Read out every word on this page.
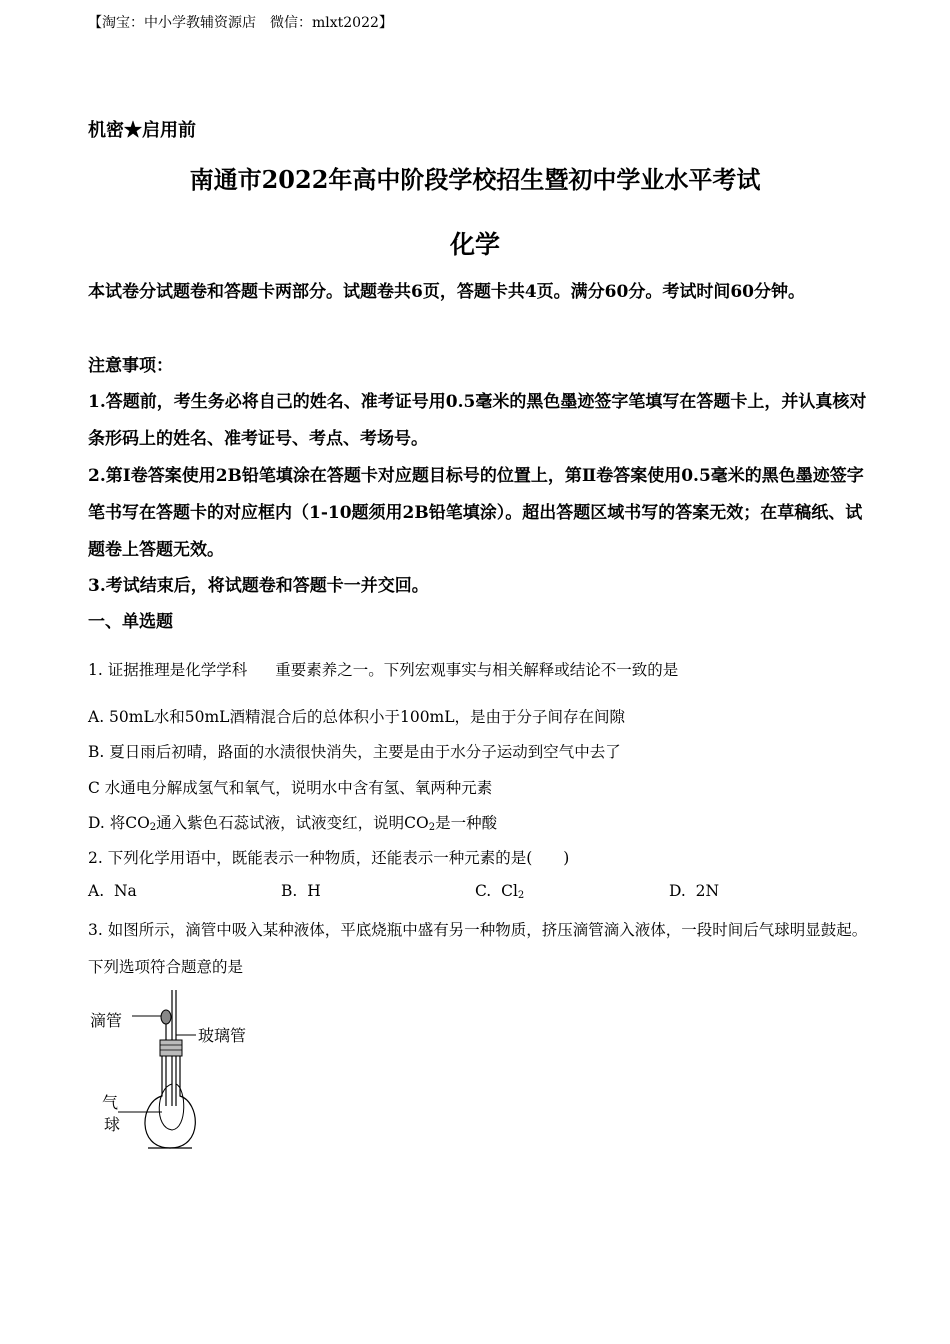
【淘宝：中小学教辅资源店　微信：mlxt2022】
机密★启用前
南通市2022年高中阶段学校招生暨初中学业水平考试
化学
本试卷分试题卷和答题卡两部分。试题卷共6页，答题卡共4页。满分60分。考试时间60分钟。
注意事项：
1.答题前，考生务必将自己的姓名、准考证号用0.5毫米的黑色墨迹签字笔填写在答题卡上，并认真核对条形码上的姓名、准考证号、考点、考场号。
2.第Ⅰ卷答案使用2B铅笔填涂在答题卡对应题目标号的位置上，第Ⅱ卷答案使用0.5毫米的黑色墨迹签字笔书写在答题卡的对应框内（1-10题须用2B铅笔填涂）。超出答题区域书写的答案无效；在草稿纸、试题卷上答题无效。
3.考试结束后，将试题卷和答题卡一并交回。
一、单选题
1. 证据推理是化学学科 重要素养之一。下列宏观事实与相关解释或结论不一致的是
A. 50mL水和50mL酒精混合后的总体积小于100mL，是由于分子间存在间隙
B. 夏日雨后初晴，路面的水渍很快消失，主要是由于水分子运动到空气中去了
C 水通电分解成氢气和氧气，说明水中含有氢、氧两种元素
D. 将$CO_2$通入紫色石蕊试液，试液变红，说明$CO_2$是一种酸
2. 下列化学用语中，既能表示一种物质，还能表示一种元素的是(　　)
A. Na	B. H	C. $Cl_2$	D. 2N
3. 如图所示，滴管中吸入某种液体，平底烧瓶中盛有另一种物质，挤压滴管滴入液体，一段时间后气球明显鼓起。下列选项符合题意的是
滴管
玻璃管
气
球
